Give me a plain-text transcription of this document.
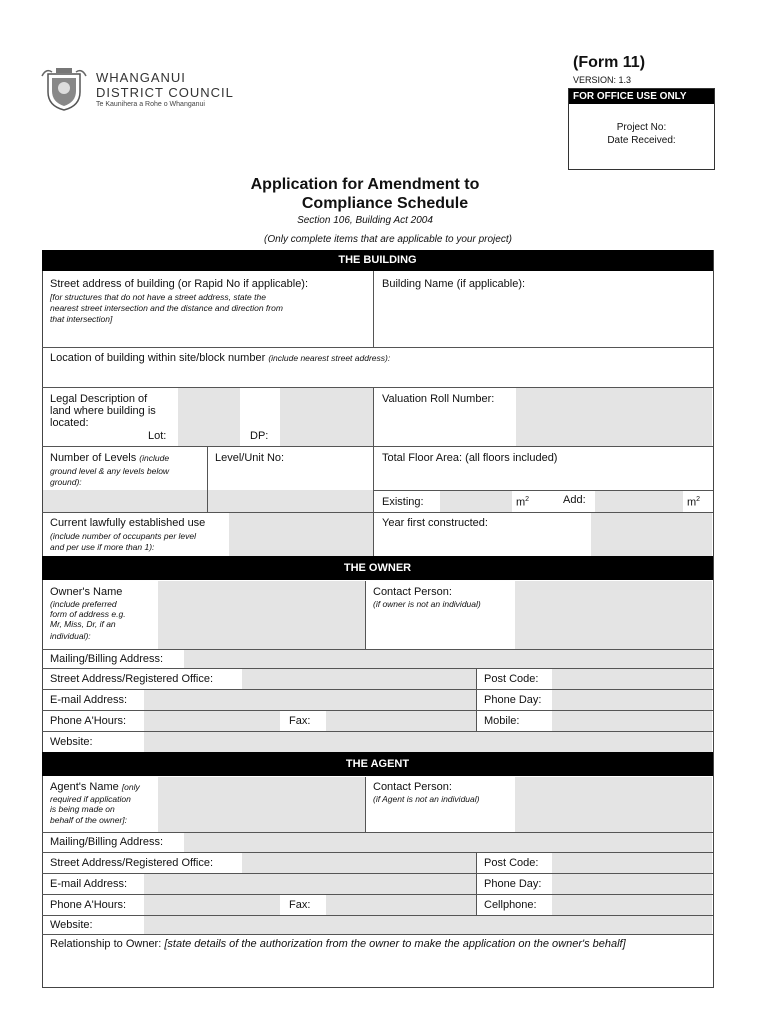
WHANGANUI
DISTRICT COUNCIL
Te Kaunihera a Rohe o Whanganui
(Form 11)
VERSION: 1.3
FOR OFFICE USE ONLY
Project No:
Date Received:
Application for Amendment to
Compliance Schedule
Section 106, Building Act 2004
(Only complete items that are applicable to your project)
THE BUILDING
Street address of building (or Rapid No if applicable):
[for structures that do not have a street address, state the
nearest street intersection and the distance and direction from
that intersection]
Building Name (if applicable):
Location of building within site/block number (include nearest street address):
Legal Description of
land where building is
located:
Lot:	DP:
Valuation Roll Number:
Number of Levels (include
ground level & any levels below
ground):
Level/Unit No:	Total Floor Area: (all floors included)
Existing:	$m^2$	Add:	$m^2$
Current lawfully established use
(include number of occupants per level
and per use if more than 1):
Year first constructed:
THE OWNER
Owner's Name
(include preferred
form of address e.g.
Mr, Miss, Dr, if an
individual):
Contact Person:
(if owner is not an individual)
Mailing/Billing Address:
Street Address/Registered Office:	Post Code:
E-mail Address:	Phone Day:
Phone A'Hours:	Fax:	Mobile:
Website:
THE AGENT
Agent's Name [only
required if application
is being made on
behalf of the owner]:
Contact Person:
(if Agent is not an individual)
Mailing/Billing Address:
Street Address/Registered Office:	Post Code:
E-mail Address:	Phone Day:
Phone A'Hours:	Fax:	Cellphone:
Website:
Relationship to Owner: [state details of the authorization from the owner to make the application on the owner's behalf]
